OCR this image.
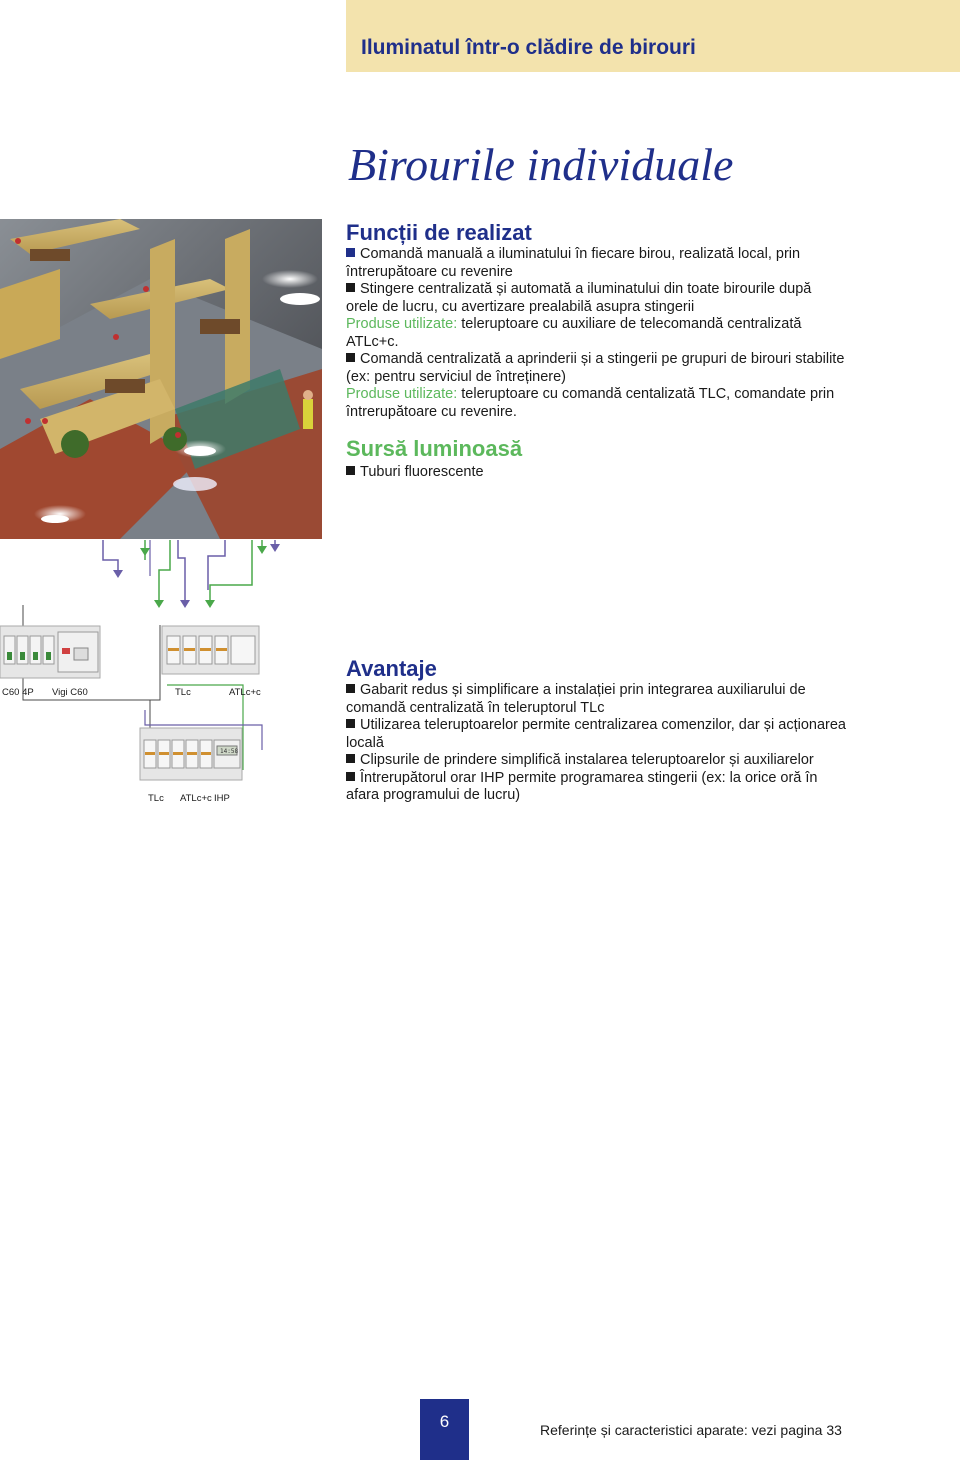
Iluminatul într-o clădire de birouri
Birourile individuale
14:58
C60 4P Vigi C60	TLc	ATLc+c
TLc ATLc+c IHP
Funcții de realizat

Comandă manuală a iluminatului în fiecare birou, realizată local, prin întrerupătoare cu revenire

Stingere centralizată și automată a iluminatului din toate birourile după orele de lucru, cu avertizare prealabilă asupra stingerii

Produse utilizate: teleruptoare cu auxiliare de telecomandă centralizată ATLc+c.

Comandă centralizată a aprinderii și a stingerii pe grupuri de birouri stabilite (ex: pentru serviciul de întreținere)

Produse utilizate: teleruptoare cu comandă centalizată TLC, comandate prin întrerupătoare cu revenire.

Sursă luminoasă

Tuburi fluorescente

Avantaje

Gabarit redus și simplificare a instalației prin integrarea auxiliarului de comandă centralizată în teleruptorul TLc

Utilizarea teleruptoarelor permite centralizarea comenzilor, dar și acționarea locală

Clipsurile de prindere simplifică instalarea teleruptoarelor și auxiliarelor

Întrerupătorul orar IHP permite programarea stingerii (ex: la orice oră în afara programului de lucru)

6	Referințe și caracteristici aparate: vezi pagina 33
